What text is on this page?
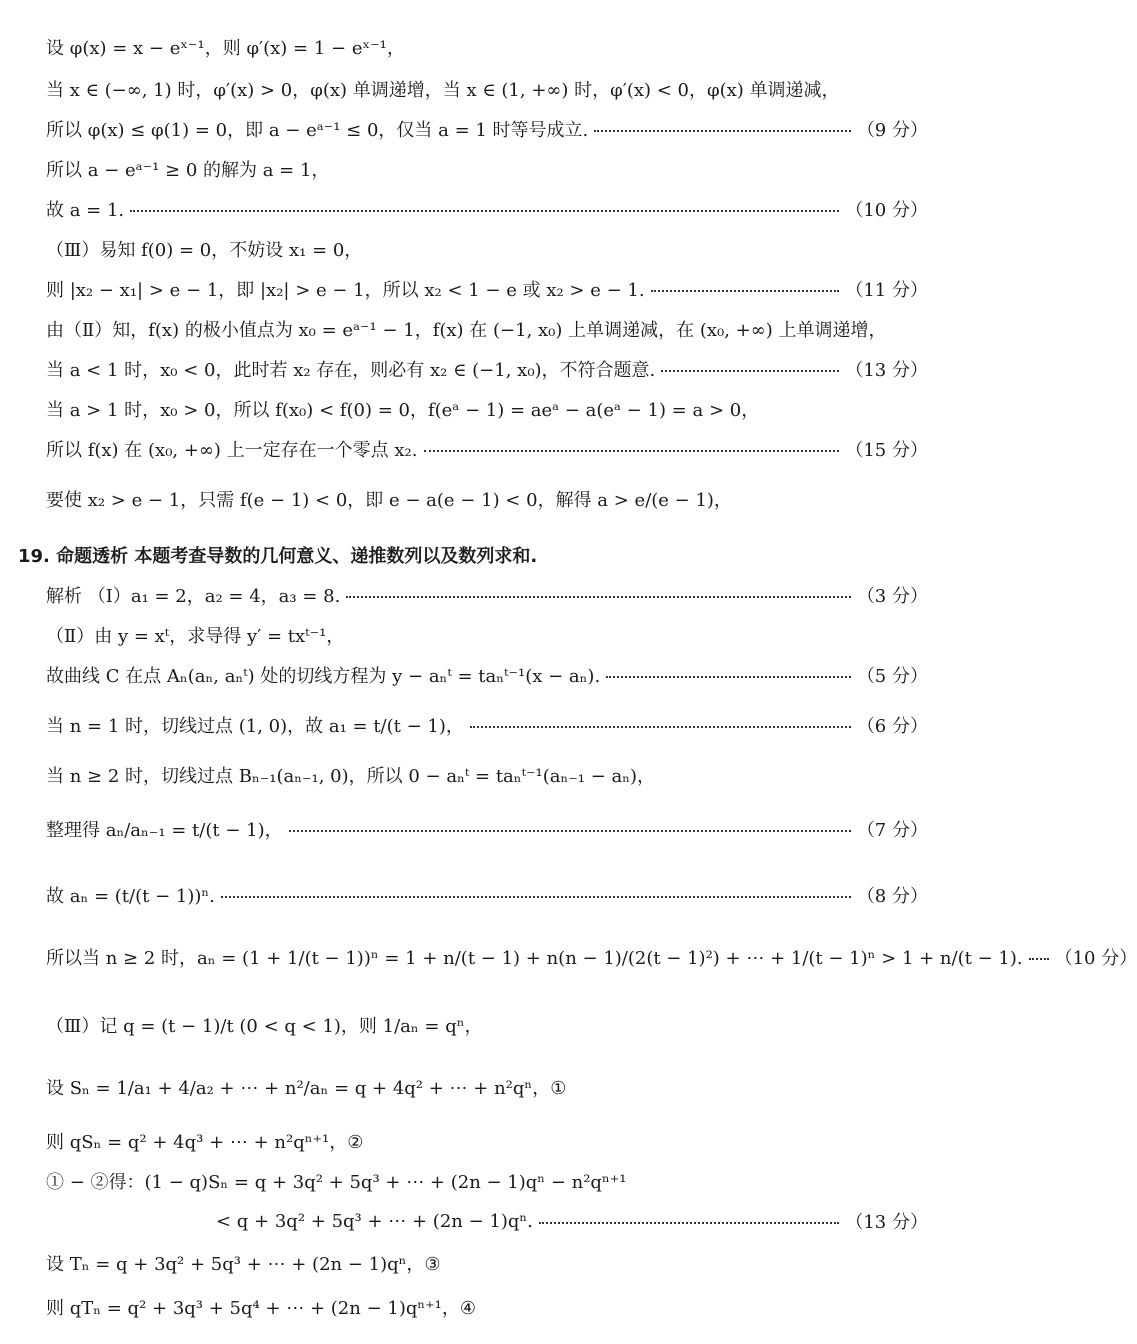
设 φ(x) = x − eˣ⁻¹，则 φ′(x) = 1 − eˣ⁻¹，
当 x ∈ (−∞, 1) 时，φ′(x) > 0，φ(x) 单调递增，当 x ∈ (1, +∞) 时，φ′(x) < 0，φ(x) 单调递减，
所以 φ(x) ≤ φ(1) = 0，即 a − eᵃ⁻¹ ≤ 0，仅当 a = 1 时等号成立.	（9 分）
所以 a − eᵃ⁻¹ ≥ 0 的解为 a = 1，
故 a = 1.	（10 分）
（Ⅲ）易知 f(0) = 0，不妨设 x₁ = 0，
则 |x₂ − x₁| > e − 1，即 |x₂| > e − 1，所以 x₂ < 1 − e 或 x₂ > e − 1.	（11 分）
由（Ⅱ）知，f(x) 的极小值点为 x₀ = eᵃ⁻¹ − 1，f(x) 在 (−1, x₀) 上单调递减，在 (x₀, +∞) 上单调递增，
当 a < 1 时，x₀ < 0，此时若 x₂ 存在，则必有 x₂ ∈ (−1, x₀)，不符合题意.	（13 分）
当 a > 1 时，x₀ > 0，所以 f(x₀) < f(0) = 0，f(eᵃ − 1) = aeᵃ − a(eᵃ − 1) = a > 0，
所以 f(x) 在 (x₀, +∞) 上一定存在一个零点 x₂.	（15 分）
要使 x₂ > e − 1，只需 f(e − 1) < 0，即 e − a(e − 1) < 0，解得 a > e/(e − 1)，
19. 命题透析 本题考查导数的几何意义、递推数列以及数列求和.
解析 （Ⅰ）a₁ = 2，a₂ = 4，a₃ = 8.	（3 分）
（Ⅱ）由 y = xᵗ，求导得 y′ = txᵗ⁻¹，
故曲线 C 在点 Aₙ(aₙ, aₙᵗ) 处的切线方程为 y − aₙᵗ = taₙᵗ⁻¹(x − aₙ).	（5 分）
当 n = 1 时，切线过点 (1, 0)，故 a₁ = t/(t − 1)，	（6 分）
当 n ≥ 2 时，切线过点 Bₙ₋₁(aₙ₋₁, 0)，所以 0 − aₙᵗ = taₙᵗ⁻¹(aₙ₋₁ − aₙ)，
整理得 aₙ/aₙ₋₁ = t/(t − 1)，	（7 分）
故 aₙ = (t/(t − 1))ⁿ.	（8 分）
所以当 n ≥ 2 时，aₙ = (1 + 1/(t − 1))ⁿ = 1 + n/(t − 1) + n(n − 1)/(2(t − 1)²) + ⋯ + 1/(t − 1)ⁿ > 1 + n/(t − 1). （10 分）
（Ⅲ）记 q = (t − 1)/t (0 < q < 1)，则 1/aₙ = qⁿ，
设 Sₙ = 1/a₁ + 4/a₂ + ⋯ + n²/aₙ = q + 4q² + ⋯ + n²qⁿ，①
则 qSₙ = q² + 4q³ + ⋯ + n²qⁿ⁺¹，②
① − ②得：(1 − q)Sₙ = q + 3q² + 5q³ + ⋯ + (2n − 1)qⁿ − n²qⁿ⁺¹
< q + 3q² + 5q³ + ⋯ + (2n − 1)qⁿ.	（13 分）
设 Tₙ = q + 3q² + 5q³ + ⋯ + (2n − 1)qⁿ，③
则 qTₙ = q² + 3q³ + 5q⁴ + ⋯ + (2n − 1)qⁿ⁺¹，④
